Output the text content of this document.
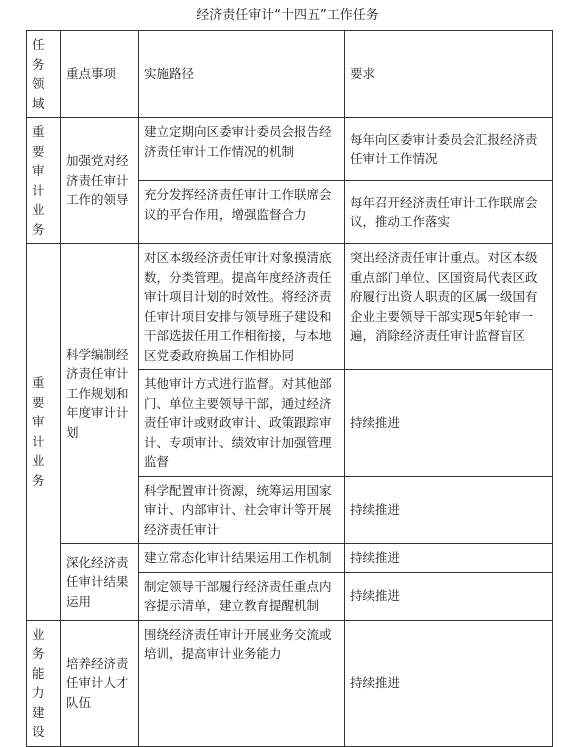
经济责任审计“十四五”工作任务
任务领域	重点事项	实施路径	要求
重要审计业务	加强党对经济责任审计工作的领导	建立定期向区委审计委员会报告经济责任审计工作情况的机制	每年向区委审计委员会汇报经济责任审计工作情况
		充分发挥经济责任审计工作联席会议的平台作用，增强监督合力	每年召开经济责任审计工作联席会议，推动工作落实
重要审计业务	科学编制经济责任审计工作规划和年度审计计划	对区本级经济责任审计对象摸清底数，分类管理。提高年度经济责任审计项目计划的时效性。将经济责任审计项目安排与领导班子建设和干部选拔任用工作相衔接，与本地区党委政府换届工作相协同	突出经济责任审计重点。对区本级重点部门单位、区国资局代表区政府履行出资人职责的区属一级国有企业主要领导干部实现5年轮审一遍，消除经济责任审计监督盲区
		其他审计方式进行监督。对其他部门、单位主要领导干部，通过经济责任审计或财政审计、政策跟踪审计、专项审计、绩效审计加强管理监督	持续推进
		科学配置审计资源，统筹运用国家审计、内部审计、社会审计等开展经济责任审计	持续推进
	深化经济责任审计结果运用	建立常态化审计结果运用工作机制	持续推进
		制定领导干部履行经济责任重点内容提示清单，建立教育提醒机制	持续推进
业务能力建设	培养经济责任审计人才队伍	围绕经济责任审计开展业务交流或培训，提高审计业务能力	持续推进
